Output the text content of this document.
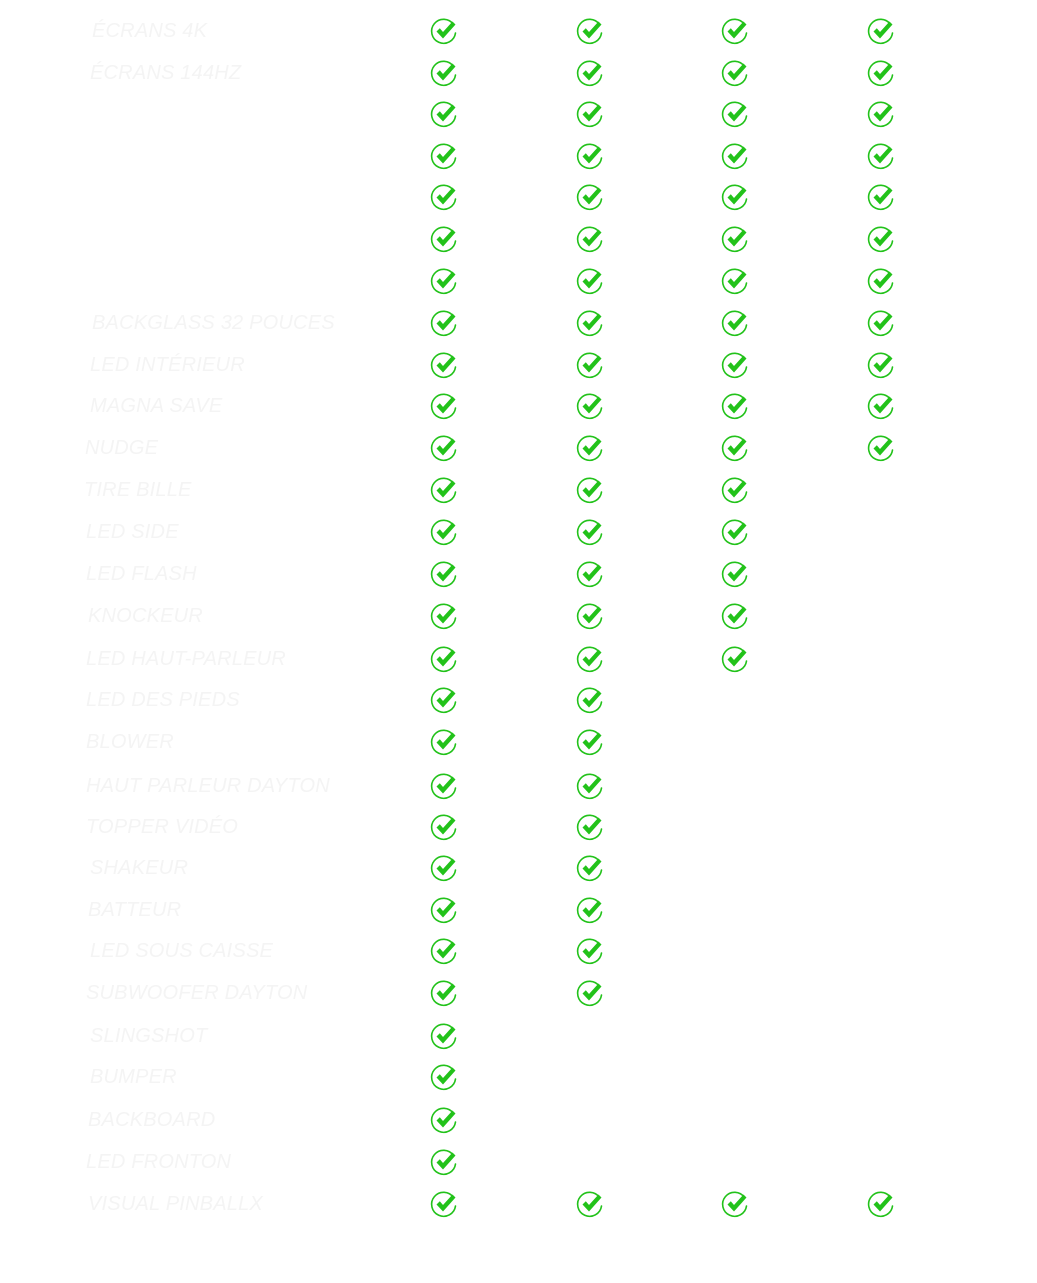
ÉCRANS 4K
ÉCRANS 144HZ
BACKGLASS 32 POUCES
LED INTÉRIEUR
MAGNA SAVE
NUDGE
TIRE BILLE
LED SIDE
LED FLASH
KNOCKEUR
LED HAUT-PARLEUR
LED DES PIEDS
BLOWER
HAUT PARLEUR DAYTON
TOPPER VIDÉO
SHAKEUR
BATTEUR
LED SOUS CAISSE
SUBWOOFER DAYTON
SLINGSHOT
BUMPER
BACKBOARD
LED FRONTON
VISUAL PINBALLX
